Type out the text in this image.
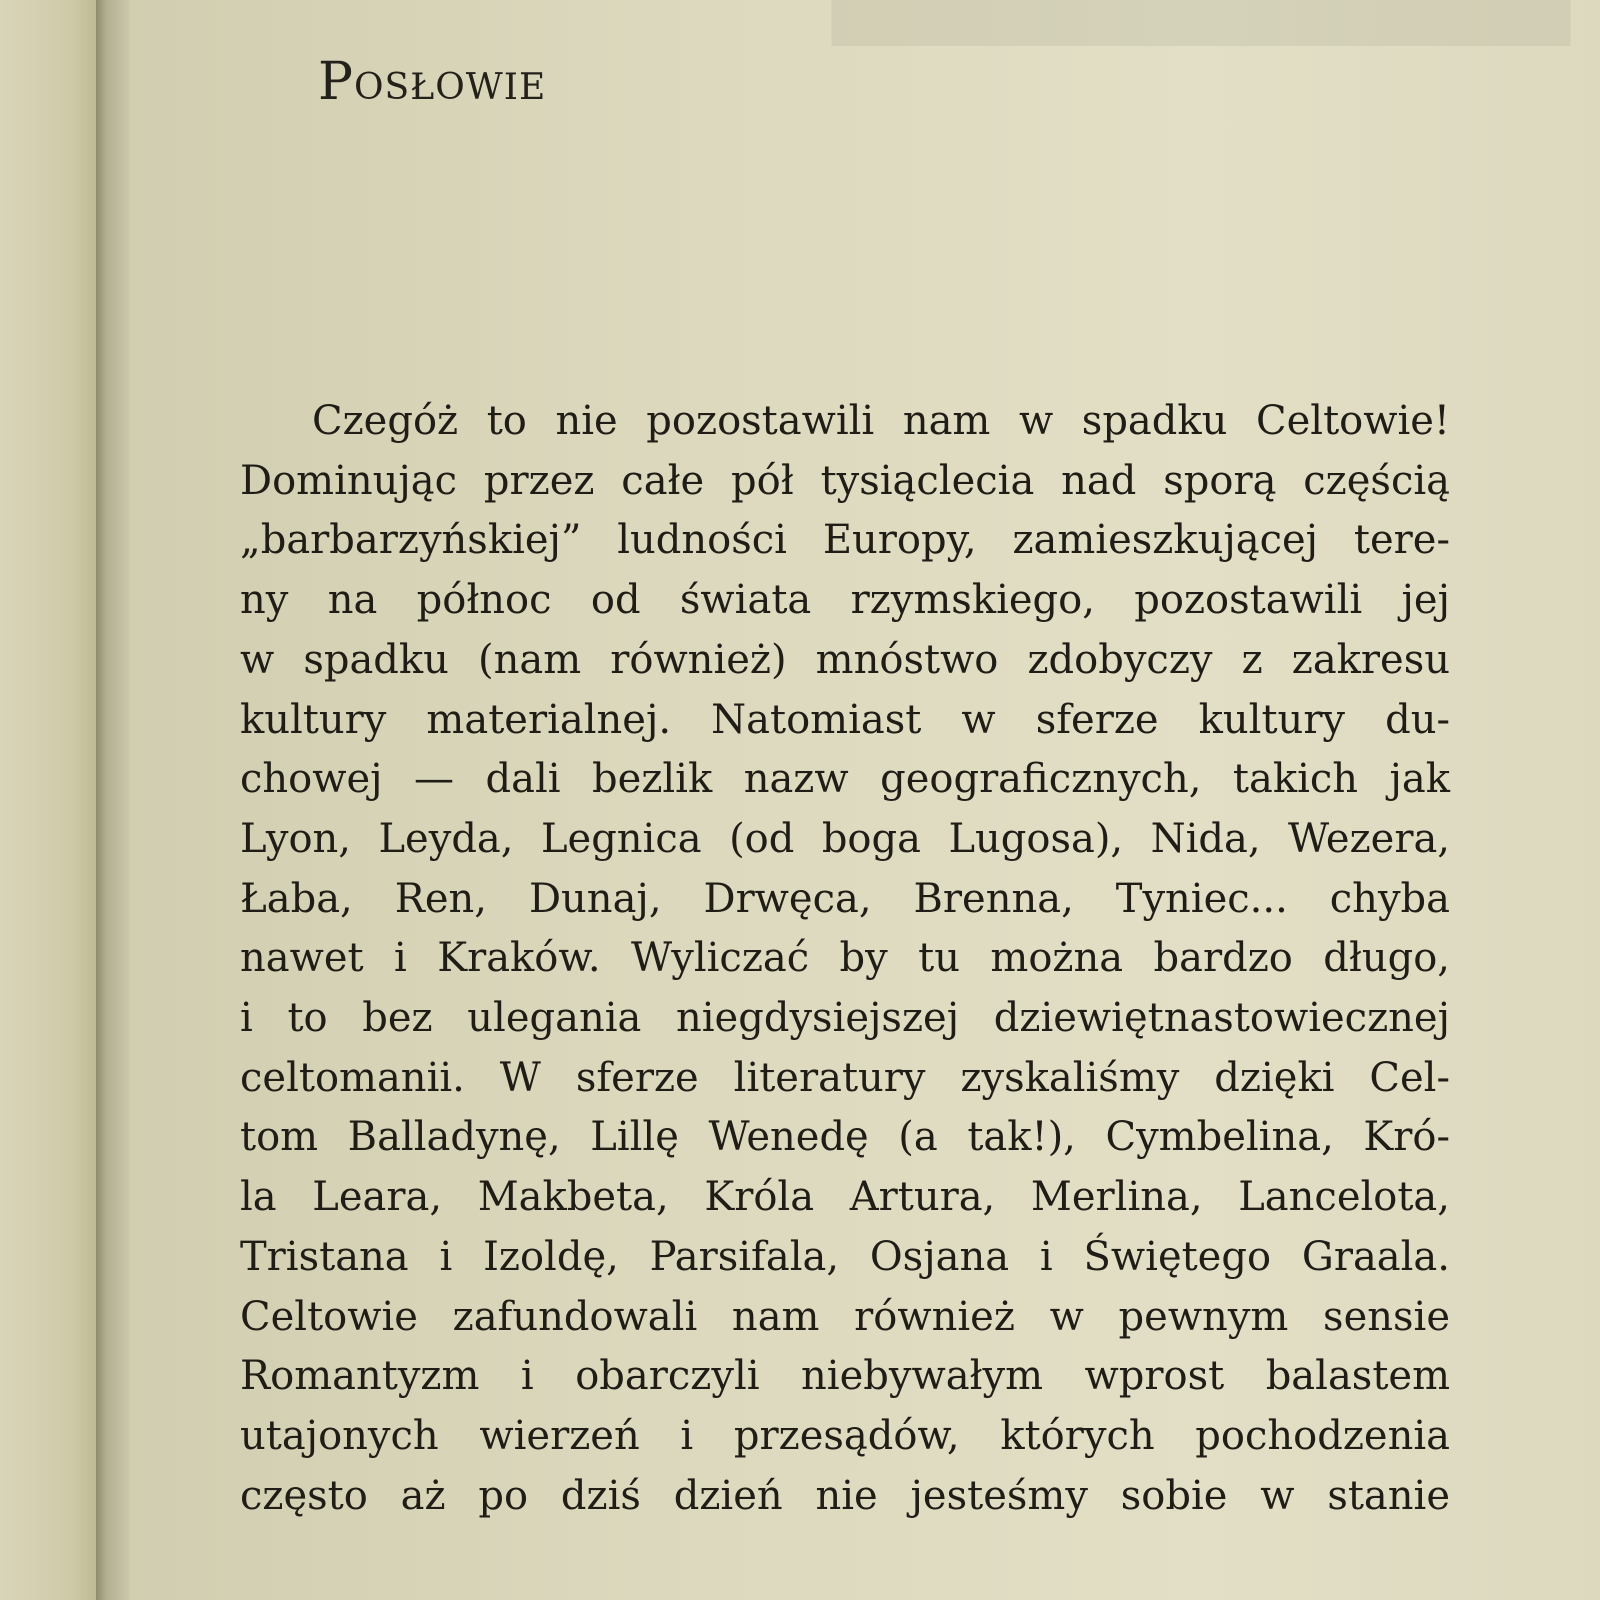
████████████████████████
Posłowie
Czegóż to nie pozostawili nam w spadku Celtowie!
Dominując przez całe pół tysiąclecia nad sporą częścią
„barbarzyńskiej” ludności Europy, zamieszkującej tere-
ny na północ od świata rzymskiego, pozostawili jej
w spadku (nam również) mnóstwo zdobyczy z zakresu
kultury materialnej. Natomiast w sferze kultury du-
chowej — dali bezlik nazw geograficznych, takich jak
Lyon, Leyda, Legnica (od boga Lugosa), Nida, Wezera,
Łaba, Ren, Dunaj, Drwęca, Brenna, Tyniec... chyba
nawet i Kraków. Wyliczać by tu można bardzo długo,
i to bez ulegania niegdysiejszej dziewiętnastowiecznej
celtomanii. W sferze literatury zyskaliśmy dzięki Cel-
tom Balladynę, Lillę Wenedę (a tak!), Cymbelina, Kró-
la Leara, Makbeta, Króla Artura, Merlina, Lancelota,
Tristana i Izoldę, Parsifala, Osjana i Świętego Graala.
Celtowie zafundowali nam również w pewnym sensie
Romantyzm i obarczyli niebywałym wprost balastem
utajonych wierzeń i przesądów, których pochodzenia
często aż po dziś dzień nie jesteśmy sobie w stanie
